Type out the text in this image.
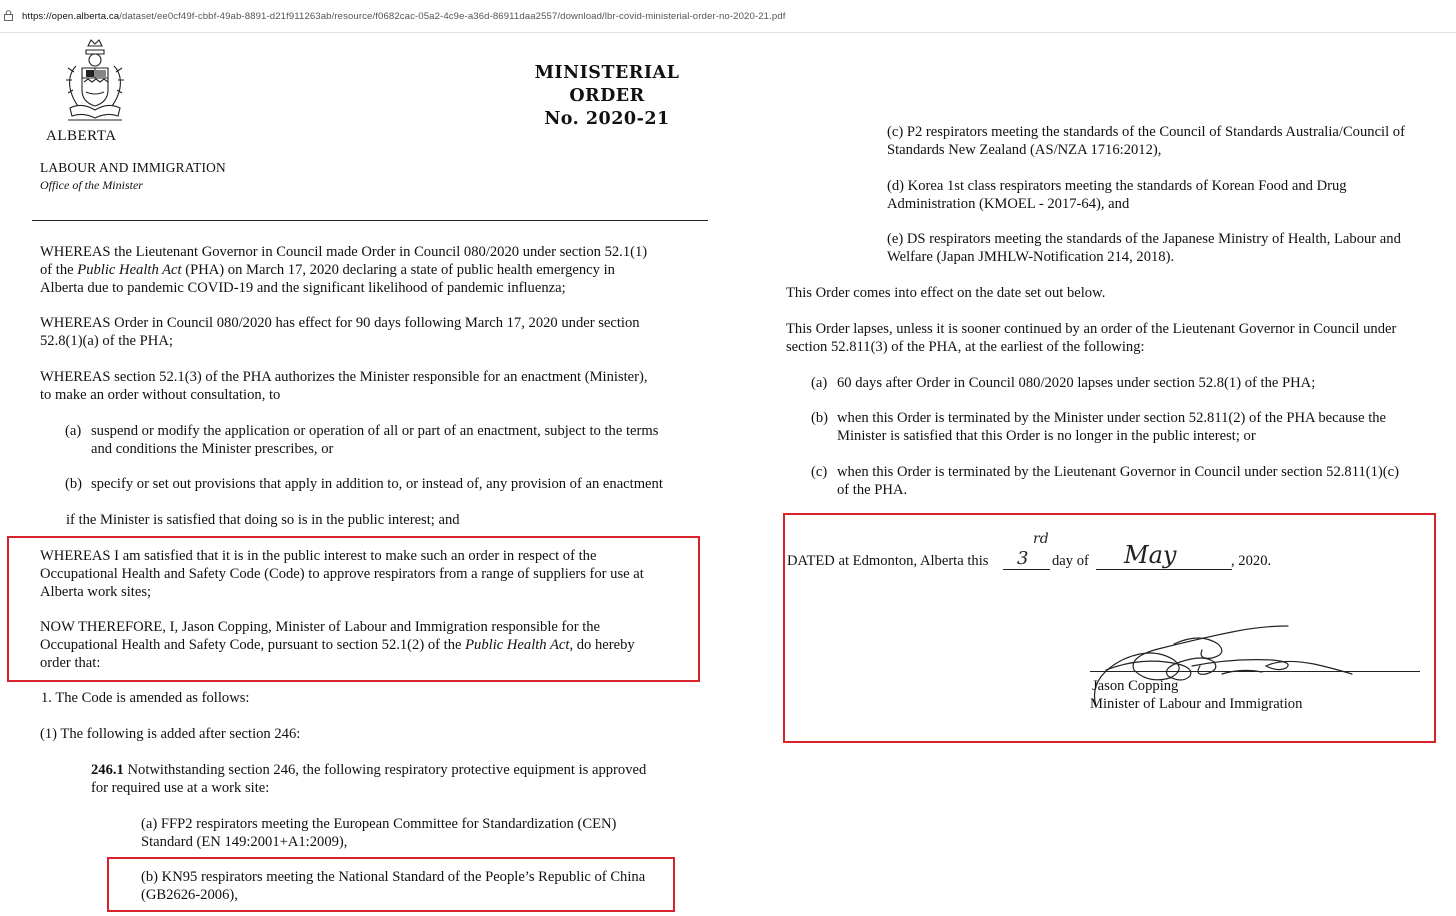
https://open.alberta.ca/dataset/ee0cf49f-cbbf-49ab-8891-d21f911263ab/resource/f0682cac-05a2-4c9e-a36d-86911daa2557/download/lbr-covid-ministerial-order-no-2020-21.pdf
ALBERTA
LABOUR AND IMMIGRATION
Office of the Minister
MINISTERIAL
ORDER
No. 2020-21
WHEREAS the Lieutenant Governor in Council made Order in Council 080/2020 under section 52.1(1)
of the Public Health Act (PHA) on March 17, 2020 declaring a state of public health emergency in
Alberta due to pandemic COVID-19 and the significant likelihood of pandemic influenza;
WHEREAS Order in Council 080/2020 has effect for 90 days following March 17, 2020 under section
52.8(1)(a) of the PHA;
WHEREAS section 52.1(3) of the PHA authorizes the Minister responsible for an enactment (Minister),
to make an order without consultation, to
(a) suspend or modify the application or operation of all or part of an enactment, subject to the terms
and conditions the Minister prescribes, or
(b) specify or set out provisions that apply in addition to, or instead of, any provision of an enactment
if the Minister is satisfied that doing so is in the public interest; and
WHEREAS I am satisfied that it is in the public interest to make such an order in respect of the
Occupational Health and Safety Code (Code) to approve respirators from a range of suppliers for use at
Alberta work sites;
NOW THEREFORE, I, Jason Copping, Minister of Labour and Immigration responsible for the
Occupational Health and Safety Code, pursuant to section 52.1(2) of the Public Health Act, do hereby
order that:
1. The Code is amended as follows:
(1) The following is added after section 246:
246.1 Notwithstanding section 246, the following respiratory protective equipment is approved
for required use at a work site:
(a) FFP2 respirators meeting the European Committee for Standardization (CEN)
Standard (EN 149:2001+A1:2009),
(b) KN95 respirators meeting the National Standard of the People’s Republic of China
(GB2626-2006),
(c) P2 respirators meeting the standards of the Council of Standards Australia/Council of
Standards New Zealand (AS/NZA 1716:2012),
(d) Korea 1st class respirators meeting the standards of Korean Food and Drug
Administration (KMOEL - 2017-64), and
(e) DS respirators meeting the standards of the Japanese Ministry of Health, Labour and
Welfare (Japan JMHLW-Notification 214, 2018).
This Order comes into effect on the date set out below.
This Order lapses, unless it is sooner continued by an order of the Lieutenant Governor in Council under
section 52.811(3) of the PHA, at the earliest of the following:
(a) 60 days after Order in Council 080/2020 lapses under section 52.8(1) of the PHA;
(b) when this Order is terminated by the Minister under section 52.811(2) of the PHA because the
Minister is satisfied that this Order is no longer in the public interest; or
(c) when this Order is terminated by the Lieutenant Governor in Council under section 52.811(1)(c)
of the PHA.
DATED at Edmonton, Alberta this 3
rd
day of May	, 2020.
Jason Copping
Minister of Labour and Immigration
